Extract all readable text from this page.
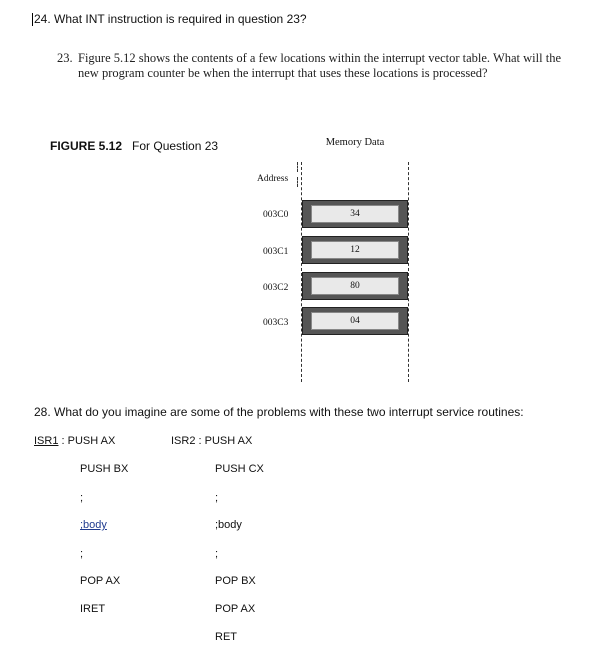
24. What INT instruction is required in question 23?
23. Figure 5.12 shows the contents of a few locations within the interrupt vector table. What will the new program counter be when the interrupt that uses these locations is processed?
FIGURE 5.12 For Question 23	Memory Data
Address
003C0	34
003C1	12
003C2	80
003C3	04
28. What do you imagine are some of the problems with these two interrupt service routines:
ISR1 : PUSH AX
PUSH BX
;
;body
;
POP AX
IRET
ISR2 : PUSH AX
PUSH CX
;
;body
;
POP BX
POP AX
RET
